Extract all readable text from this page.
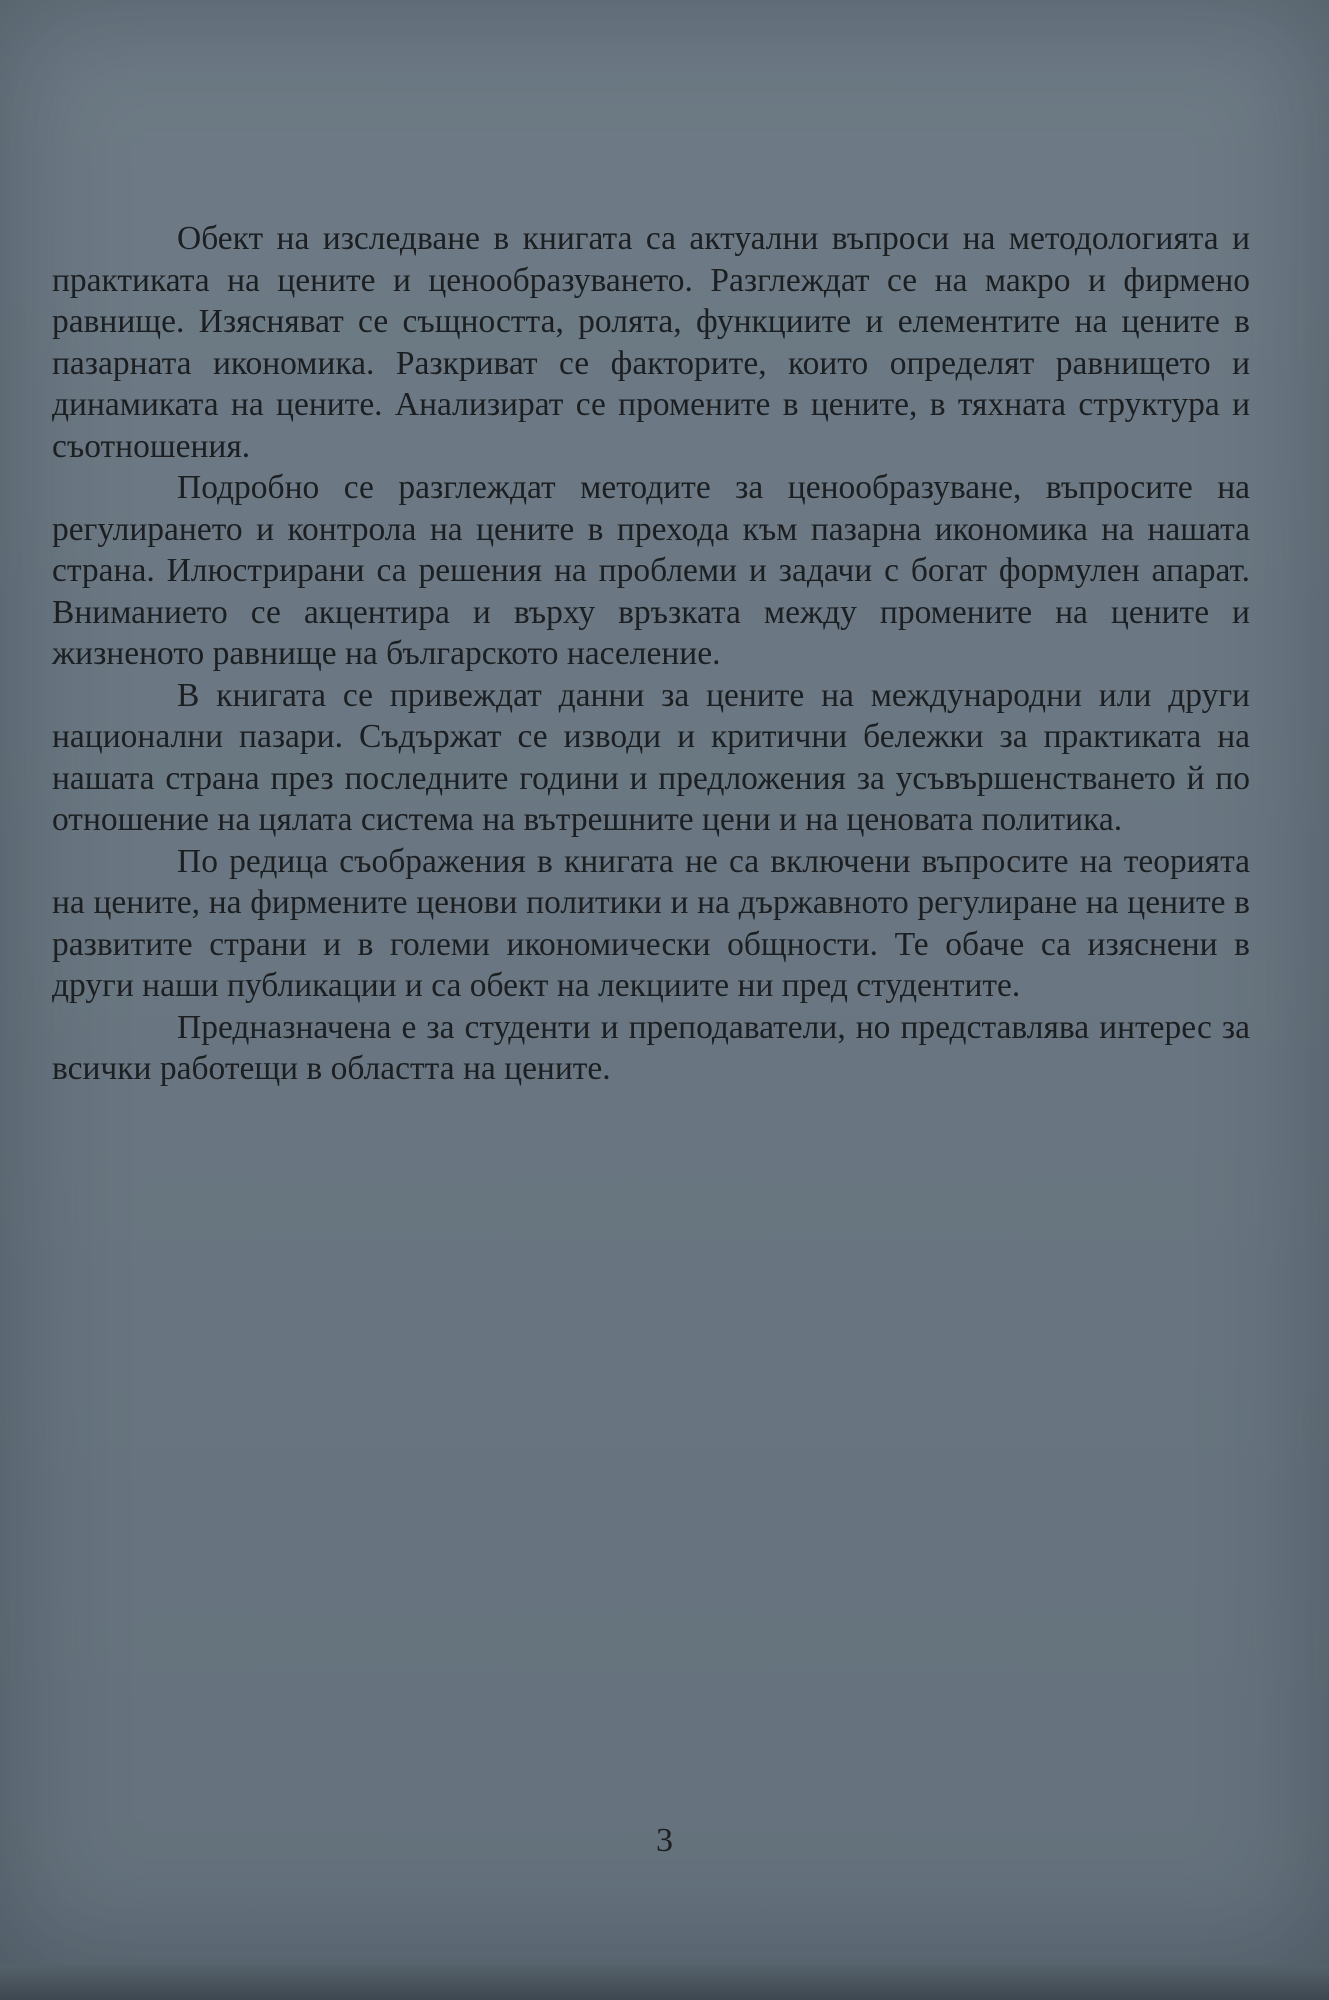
Обект на изследване в книгата са актуални въпроси на методологията и практиката на цените и ценообразуването. Разглеждат се на макро и фирмено равнище. Изясняват се същността, ролята, функциите и елементите на цените в пазарната икономика. Разкриват се факторите, които определят равнището и динамиката на цените. Анализират се промените в цените, в тяхната структура и съотношения.

Подробно се разглеждат методите за ценообразуване, въпросите на регулирането и контрола на цените в прехода към пазарна икономика на нашата страна. Илюстрирани са решения на проблеми и задачи с богат формулен апарат. Вниманието се акцентира и върху връзката между промените на цените и жизненото равнище на българското население.

В книгата се привеждат данни за цените на международни или други национални пазари. Съдържат се изводи и критични бележки за практиката на нашата страна през последните години и предложения за усъвършенстването й по отношение на цялата система на вътрешните цени и на ценовата политика.

По редица съображения в книгата не са включени въпросите на теорията на цените, на фирмените ценови политики и на държавното регулиране на цените в развитите страни и в големи икономически общности. Те обаче са изяснени в други наши публикации и са обект на лекциите ни пред студентите.

Предназначена е за студенти и преподаватели, но представлява интерес за всички работещи в областта на цените.

3
